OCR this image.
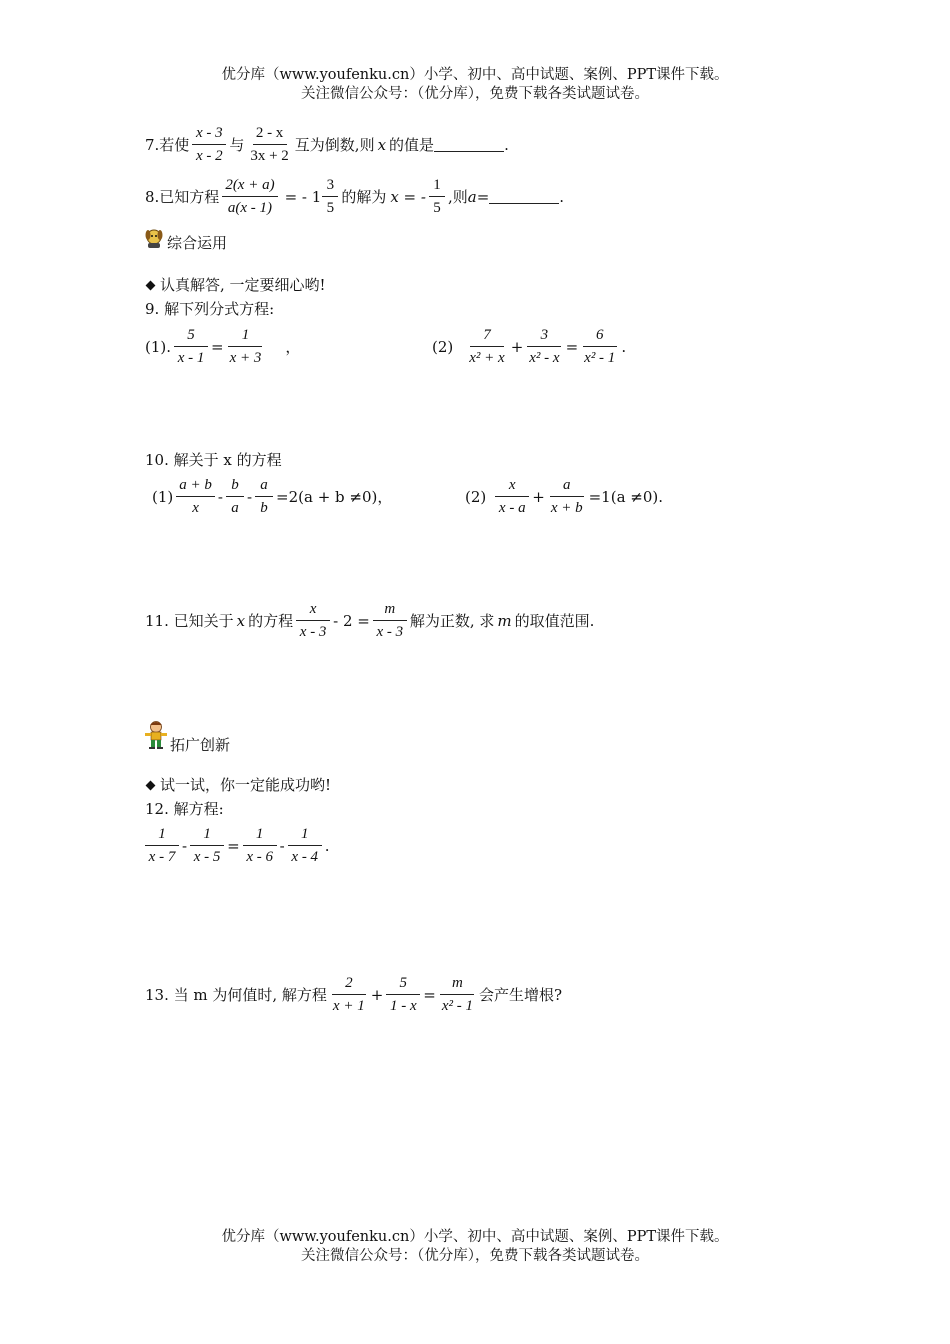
优分库（www.youfenku.cn）小学、初中、高中试题、案例、PPT课件下载。
关注微信公众号：（优分库），免费下载各类试题试卷。
7.若使 $\frac{x - 3}{x - 2}$ 与 $\frac{2 - x}{3x + 2}$ 互为倒数,则 x 的值是	.
8.已知方程 $\frac{2(x + a)}{a(x - 1)}$ = - $1 \frac{3}{5}$ 的解为 x = - $\frac{1}{5}$ ,则 a=	.
综合运用
认真解答, 一定要细心哟!
9. 解下列分式方程:
(1). $\frac{5}{x - 1} = \frac{1}{x + 3}$ ，	$(2) \frac{7}{\text{x² + x}} + \frac{3}{\text{x² - x}} = \frac{6}{\text{x² - 1}}$ .
10. 解关于 x 的方程
$(1) \frac{a + b}{x} - \frac{b}{a} - \frac{a}{b} =2(a + b \ne 0)$，	$(2) \frac{x}{x - a} + \frac{a}{x + b} =1(a \ne 0)$.
11. 已知关于 x 的方程 $\frac{x}{x - 3} - 2 = \frac{m}{x - 3}$ 解为正数, 求 m 的取值范围.
拓广创新
试一试，你一定能成功哟!
12. 解方程:
$\frac{1}{x - 7} - \frac{1}{x - 5} = \frac{1}{x - 6} - \frac{1}{x - 4}$ .
13. 当 m 为何值时, 解方程 $\frac{2}{x + 1} + \frac{5}{1 - x} = \frac{m}{\text{x² - 1}}$ 会产生增根?
优分库（www.youfenku.cn）小学、初中、高中试题、案例、PPT课件下载。
关注微信公众号：（优分库），免费下载各类试题试卷。
